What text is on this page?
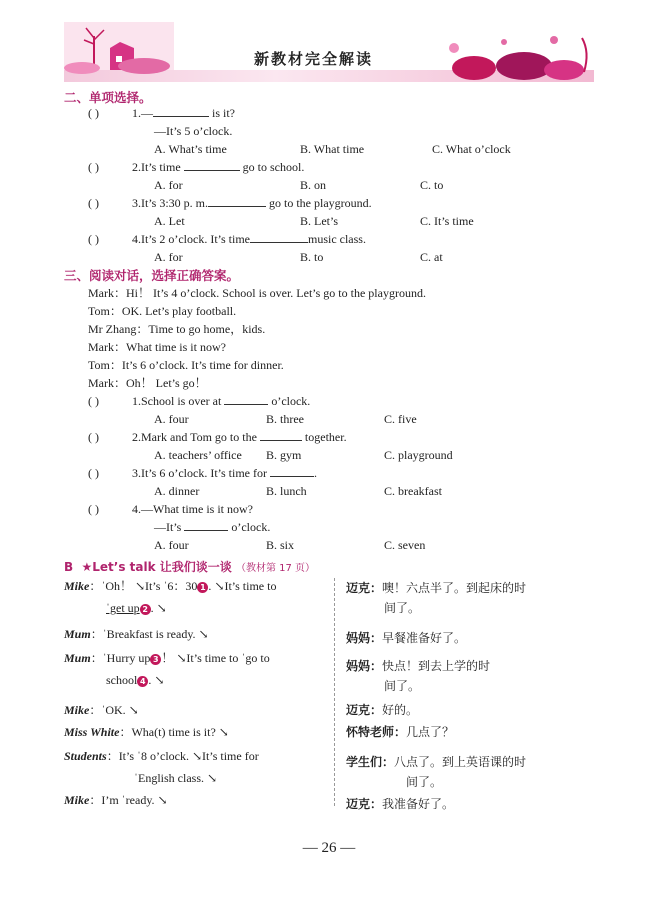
新教材完全解读
二、单项选择。
( )	1.—	is it?
—It’s 5 o’clock.
A. What’s time	B. What time	C. What o’clock
( )	2.It’s time	go to school.
A. for	B. on	C. to
( )	3.It’s 3:30 p. m.	go to the playground.
A. Let	B. Let’s	C. It’s time
( )	4.It’s 2 o’clock. It’s time	music class.
A. for	B. to	C. at
三、阅读对话，选择正确答案。
Mark：Hi！ It’s 4 o’clock. School is over. Let’s go to the playground.
Tom：OK. Let’s play football.
Mr Zhang：Time to go home，kids.
Mark：What time is it now?
Tom：It’s 6 o’clock. It’s time for dinner.
Mark：Oh！ Let’s go！
( )	1.School is over at	o’clock.
A. four	B. three	C. five
( )	2.Mark and Tom go to the	together.
A. teachers’ office B. gym	C. playground
( )	3.It’s 6 o’clock. It’s time for	.
A. dinner	B. lunch	C. breakfast
( )	4.—What time is it now?
—It’s	o’clock.
A. four	B. six	C. seven
B ★Let’s talk 让我们谈一谈 （教材第 17 页）
Mike：ˈOh！ ↘It’s ˈ6：30 1 . ↘It’s time to
ˈget up 2 . ↘
Mum：ˈBreakfast is ready. ↘
Mum：ˈHurry up 3 ！ ↘It’s time to ˈgo to
school 4 . ↘
Mike：ˈOK. ↘
Miss White：Wha(t) time is it? ↘
Students：It’s ˈ8 o’clock. ↘It’s time for
ˈEnglish class. ↘
Mike：I’m ˈready. ↘
迈克：噢！六点半了。到起床的时
间了。
妈妈：早餐准备好了。
妈妈：快点！到去上学的时
间了。
迈克：好的。
怀特老师：几点了？
学生们：八点了。到上英语课的时
间了。
迈克：我准备好了。
— 26 —
